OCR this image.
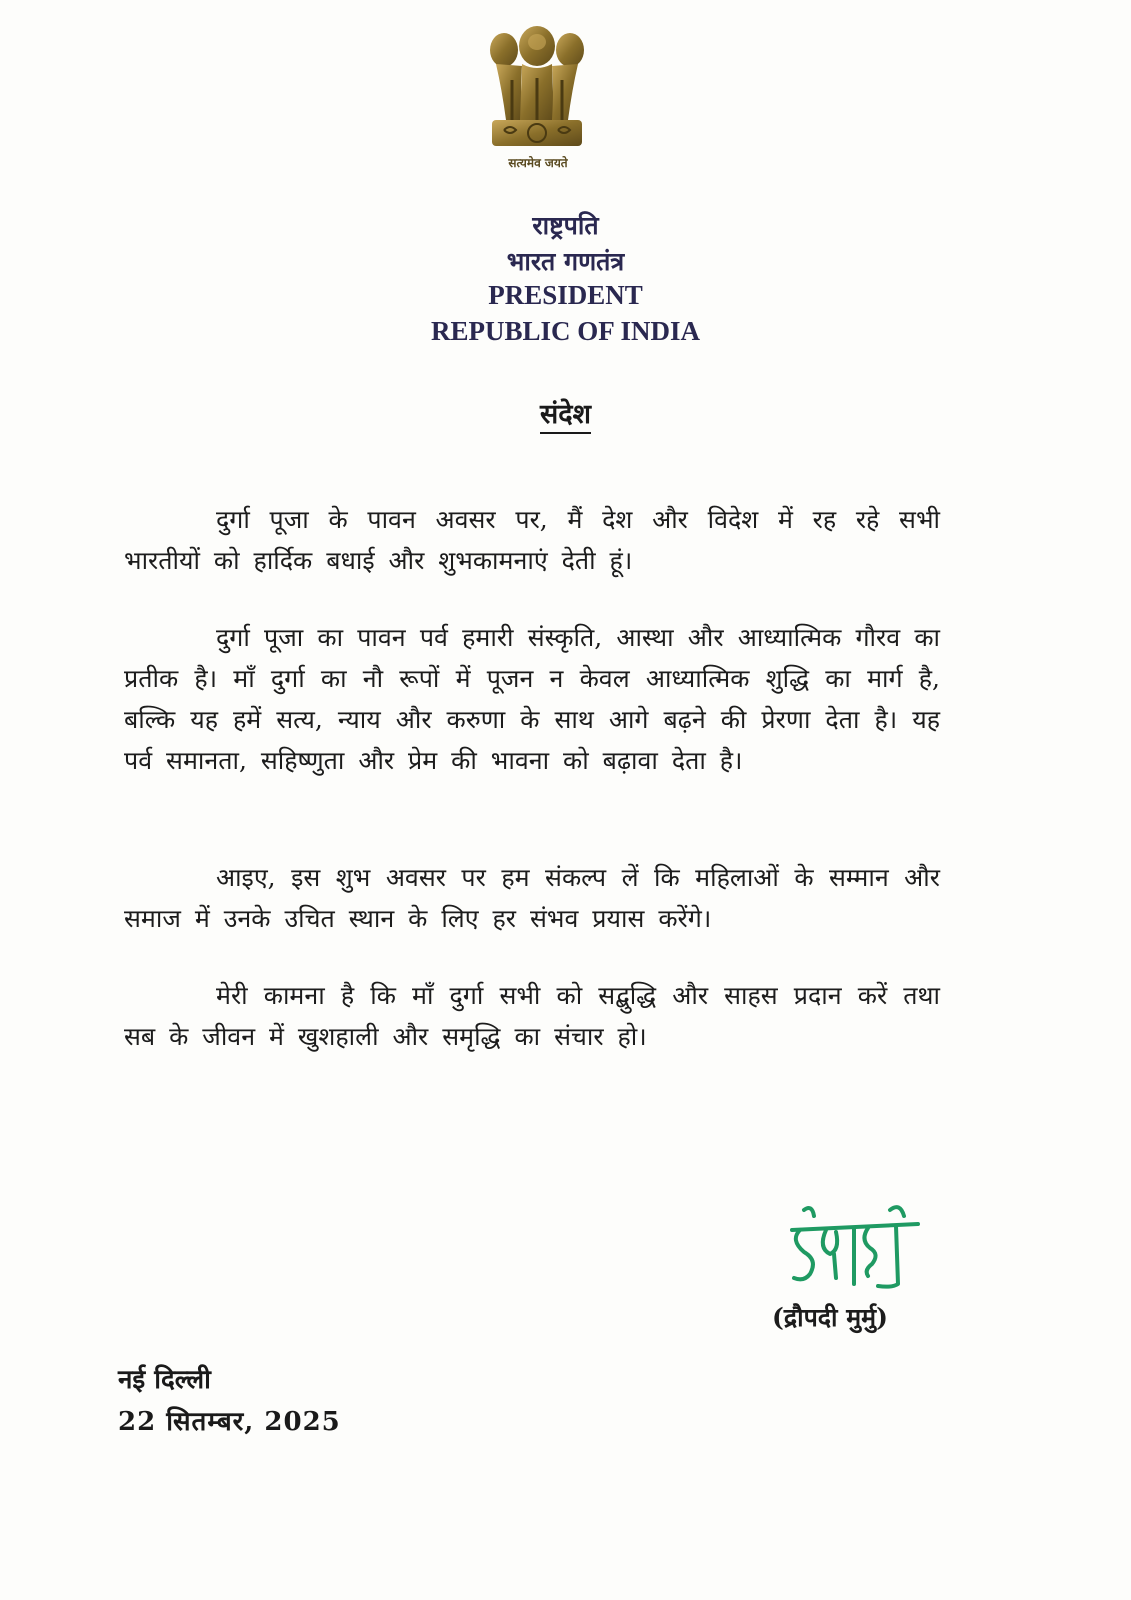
सत्यमेव जयते
राष्ट्रपति
भारत गणतंत्र
PRESIDENT
REPUBLIC OF INDIA
संदेश

दुर्गा पूजा के पावन अवसर पर, मैं देश और विदेश में रह रहे सभी भारतीयों को हार्दिक बधाई और शुभकामनाएं देती हूं।

दुर्गा पूजा का पावन पर्व हमारी संस्कृति, आस्था और आध्यात्मिक गौरव का प्रतीक है। माँ दुर्गा का नौ रूपों में पूजन न केवल आध्यात्मिक शुद्धि का मार्ग है, बल्कि यह हमें सत्य, न्याय और करुणा के साथ आगे बढ़ने की प्रेरणा देता है। यह पर्व समानता, सहिष्णुता और प्रेम की भावना को बढ़ावा देता है।

आइए, इस शुभ अवसर पर हम संकल्प लें कि महिलाओं के सम्मान और समाज में उनके उचित स्थान के लिए हर संभव प्रयास करेंगे।

मेरी कामना है कि माँ दुर्गा सभी को सद्बुद्धि और साहस प्रदान करें तथा सब के जीवन में खुशहाली और समृद्धि का संचार हो।

(द्रौपदी मुर्मु)
नई दिल्ली
22 सितम्बर, 2025
